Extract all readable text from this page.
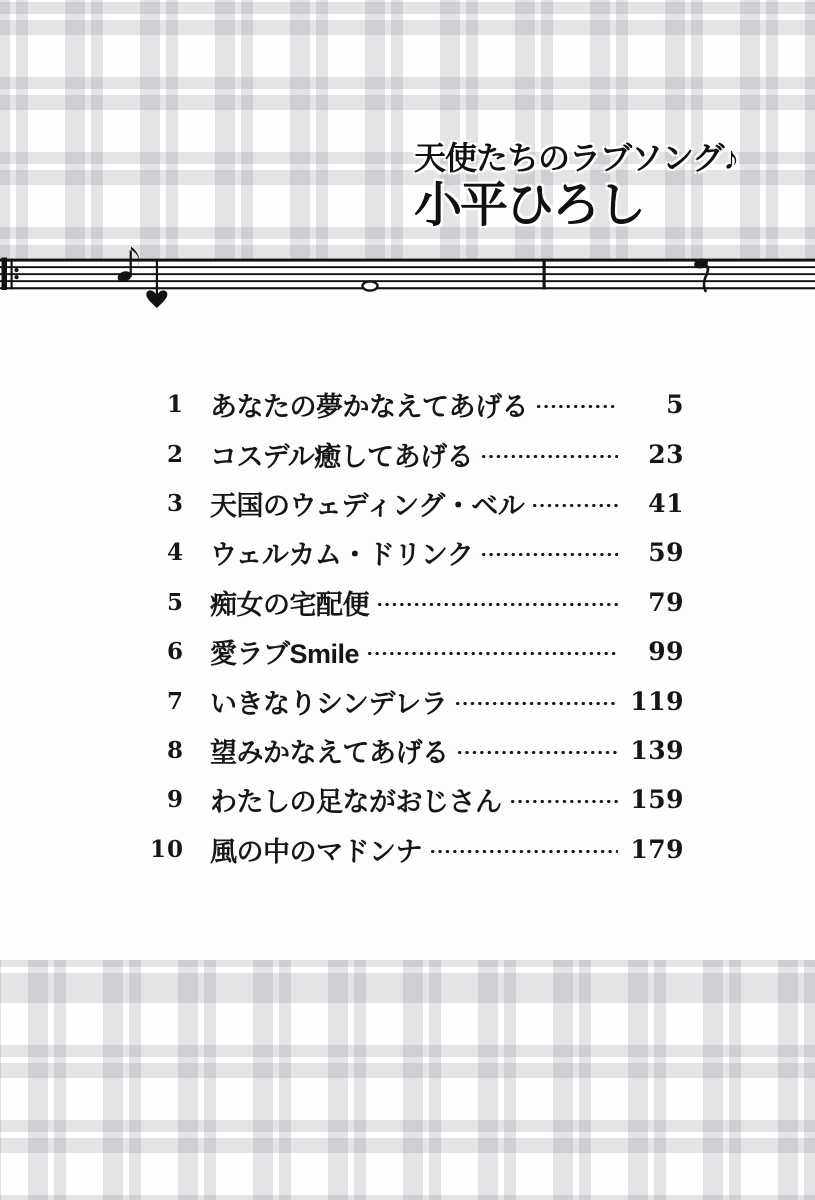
天使たちのラブソング♪
小平ひろし
1 あなたの夢かなえてあげる	5
2 コスデル癒してあげる	23
3 天国のウェディング・ベル	41
4 ウェルカム・ドリンク	59
5 痴女の宅配便	79
6 愛ラブSmile	99
7 いきなりシンデレラ	119
8 望みかなえてあげる	139
9 わたしの足ながおじさん	159
10 風の中のマドンナ	179
